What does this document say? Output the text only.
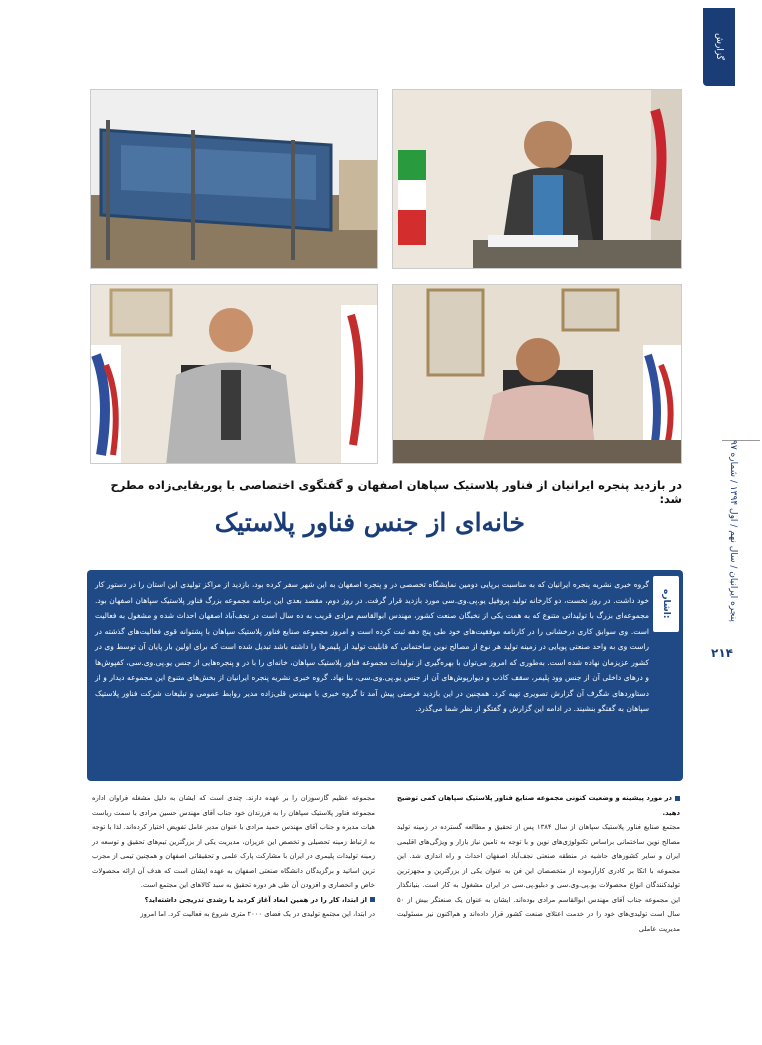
گزارش
پنجره ایرانیان / سال نهم / اول ۱۳۹۴ / شماره ۹۷
۲۱۴
در بازدید پنجره ایرانیان از فناور پلاستیک سپاهان اصفهان و گفتگوی اختصاصی با پوربقایی‌زاده مطرح شد:
خانه‌ای از جنس فناور پلاستیک
اشاره:
گروه خبری نشریه پنجره ایرانیان که به مناسبت برپایی دومین نمایشگاه تخصصی در و پنجره اصفهان به این شهر سفر کرده بود، بازدید از مراکز تولیدی این استان را در دستور کار خود داشت. در روز نخست، دو کارخانه تولید پروفیل یو.پی.وی.سی مورد بازدید قرار گرفت. در روز دوم، مقصد بعدی این برنامه مجموعه بزرگ فناور پلاستیک سپاهان اصفهان بود. مجموعه‌ای بزرگ با تولیداتی متنوع که به همت یکی از نخبگان صنعت کشور، مهندس ابوالقاسم مرادی قریب به ده سال است در نجف‌آباد اصفهان احداث شده و مشغول به فعالیت است. وی سوابق کاری درخشانی را در کارنامه موفقیت‌های خود طی پنج دهه ثبت کرده است و امروز مجموعه صنایع فناور پلاستیک سپاهان با پشتوانه قوی فعالیت‌های گذشته در راست وی به واحد صنعتی پویایی در زمینه تولید هر نوع از مصالح نوین ساختمانی که قابلیت تولید از پلیمرها را داشته باشد تبدیل شده است که برای اولین بار پایان آن توسط وی در کشور عزیزمان نهاده شده است. به‌طوری که امروز می‌توان با بهره‌گیری از تولیدات مجموعه فناور پلاستیک سپاهان، خانه‌ای را با در و پنجره‌هایی از جنس یو.پی.وی.سی، کفپوش‌ها و درهای داخلی آن از جنس وود پلیمر، سقف کاذب و دیوارپوش‌های آن از جنس یو.پی.وی.سی، بنا نهاد. گروه خبری نشریه پنجره ایرانیان از بخش‌های متنوع این مجموعه دیدار و از دستاوردهای شگرف آن گزارش تصویری تهیه کرد. همچنین در این بازدید فرصتی پیش آمد تا گروه خبری با مهندس قلی‌زاده مدیر روابط عمومی و تبلیغات شرکت فناور پلاستیک سپاهان به گفتگو بنشیند. در ادامه این گزارش و گفتگو از نظر شما می‌گذرد.

در مورد پیشینه و وضعیت کنونی مجموعه صنایع فناور پلاستیک سپاهان کمی توضیح دهید.

مجتمع صنایع فناور پلاستیک سپاهان از سال ۱۳۸۴ پس از تحقیق و مطالعه گسترده در زمینه تولید مصالح نوین ساختمانی براساس تکنولوژی‌های نوین و با توجه به تامین نیاز بازار و ویژگی‌های اقلیمی ایران و سایر کشورهای حاشیه در منطقه صنعتی نجف‌آباد اصفهان احداث و راه اندازی شد. این مجموعه با اتکا بر کادری کارآزموده از متخصصان این فن به عنوان یکی از بزرگترین و مجهزترین تولیدکنندگان انواع محصولات یو.پی.وی.سی و دبلیو.پی.سی در ایران مشغول به کار است. بنیانگذار این مجموعه جناب آقای مهندس ابوالقاسم مرادی بوده‌اند. ایشان به عنوان یک صنعتگر بیش از ۵۰ سال است تولیدی‌های خود را در خدمت اعتلای صنعت کشور قرار داده‌اند و هم‌اکنون نیز مسئولیت مدیریت عاملی

مجموعه عظیم گازسوزان را بر عهده دارند. چندی است که ایشان به دلیل مشغله فراوان اداره مجموعه فناور پلاستیک سپاهان را به فرزندان خود جناب آقای مهندس حسین مرادی با سمت ریاست هیات مدیره و جناب آقای مهندس حمید مرادی با عنوان مدیر عامل تفویض اختیار کرده‌اند. لذا با توجه به ارتباط زمینه تحصیلی و تخصص این عزیزان، مدیریت یکی از بزرگترین تیم‌های تحقیق و توسعه در زمینه تولیدات پلیمری در ایران با مشارکت پارک علمی و تحقیقاتی اصفهان و همچنین تیمی از مجرب ترین اساتید و برگزیدگان دانشگاه صنعتی اصفهان به عهده ایشان است که هدف آن ارائه محصولات خاص و انحصاری و افزودن آن طی هر دوره تحقیق به سبد کالاهای این مجتمع است.

از ابتدا، کار را در همین ابعاد آغاز کردید یا رشدی تدریجی داشته‌اید؟

در ابتدا، این مجتمع تولیدی در یک فضای ۲۰۰۰ متری شروع به فعالیت کرد. اما امروز
